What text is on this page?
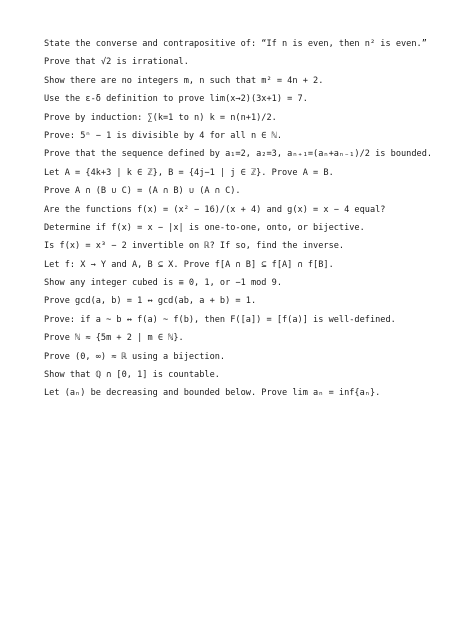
State the converse and contrapositive of: “If n is even, then n² is even.”
Prove that √2 is irrational.
Show there are no integers m, n such that m² = 4n + 2.
Use the ε-δ definition to prove lim(x→2)(3x+1) = 7.
Prove by induction: ∑(k=1 to n) k = n(n+1)/2.
Prove: 5ⁿ − 1 is divisible by 4 for all n ∈ ℕ.
Prove that the sequence defined by a₁=2, a₂=3, aₙ₊₁=(aₙ+aₙ₋₁)/2 is bounded.
Let A = {4k+3 | k ∈ ℤ}, B = {4j−1 | j ∈ ℤ}. Prove A = B.
Prove A ∩ (B ∪ C) = (A ∩ B) ∪ (A ∩ C).
Are the functions f(x) = (x² − 16)/(x + 4) and g(x) = x − 4 equal?
Determine if f(x) = x − |x| is one-to-one, onto, or bijective.
Is f(x) = x³ − 2 invertible on ℝ? If so, find the inverse.
Let f: X → Y and A, B ⊆ X. Prove f[A ∩ B] ⊆ f[A] ∩ f[B].
Show any integer cubed is ≡ 0, 1, or −1 mod 9.
Prove gcd(a, b) = 1 ↔ gcd(ab, a + b) = 1.
Prove: if a ~ b ↔ f(a) ~ f(b), then F([a]) = [f(a)] is well-defined.
Prove ℕ ≈ {5m + 2 | m ∈ ℕ}.
Prove (0, ∞) ≈ ℝ using a bijection.
Show that ℚ ∩ [0, 1] is countable.
Let (aₙ) be decreasing and bounded below. Prove lim aₙ = inf{aₙ}.
